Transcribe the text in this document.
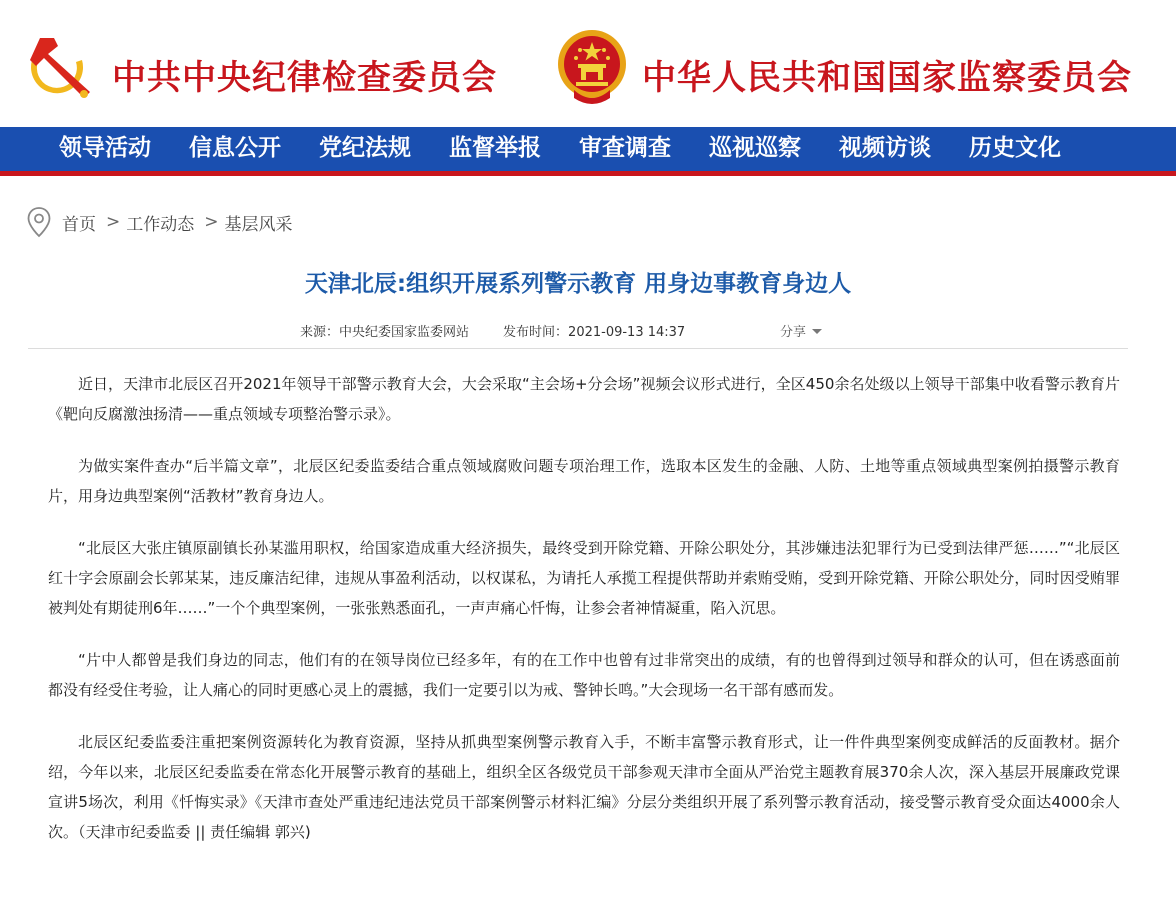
中共中央纪律检查委员会	中华人民共和国国家监察委员会
领导活动	信息公开	党纪法规	监督举报	审查调查	巡视巡察	视频访谈	历史文化
首页 > 工作动态 > 基层风采
天津北辰:组织开展系列警示教育 用身边事教育身边人
来源：中央纪委国家监委网站	发布时间：2021-09-13 14:37	分享

近日，天津市北辰区召开2021年领导干部警示教育大会，大会采取“主会场+分会场”视频会议形式进行，全区450余名处级以上领导干部集中收看警示教育片《靶向反腐激浊扬清——重点领域专项整治警示录》。

为做实案件查办“后半篇文章”，北辰区纪委监委结合重点领域腐败问题专项治理工作，选取本区发生的金融、人防、土地等重点领域典型案例拍摄警示教育片，用身边典型案例“活教材”教育身边人。

“北辰区大张庄镇原副镇长孙某滥用职权，给国家造成重大经济损失，最终受到开除党籍、开除公职处分，其涉嫌违法犯罪行为已受到法律严惩……”“北辰区红十字会原副会长郭某某，违反廉洁纪律，违规从事盈利活动，以权谋私，为请托人承揽工程提供帮助并索贿受贿，受到开除党籍、开除公职处分，同时因受贿罪被判处有期徒刑6年……”一个个典型案例，一张张熟悉面孔，一声声痛心忏悔，让参会者神情凝重，陷入沉思。

“片中人都曾是我们身边的同志，他们有的在领导岗位已经多年，有的在工作中也曾有过非常突出的成绩，有的也曾得到过领导和群众的认可，但在诱惑面前都没有经受住考验，让人痛心的同时更感心灵上的震撼，我们一定要引以为戒、警钟长鸣。”大会现场一名干部有感而发。

北辰区纪委监委注重把案例资源转化为教育资源，坚持从抓典型案例警示教育入手，不断丰富警示教育形式，让一件件典型案例变成鲜活的反面教材。据介绍，今年以来，北辰区纪委监委在常态化开展警示教育的基础上，组织全区各级党员干部参观天津市全面从严治党主题教育展370余人次，深入基层开展廉政党课宣讲5场次，利用《忏悔实录》《天津市查处严重违纪违法党员干部案例警示材料汇编》分层分类组织开展了系列警示教育活动，接受警示教育受众面达4000余人次。（天津市纪委监委 || 责任编辑 郭兴)
